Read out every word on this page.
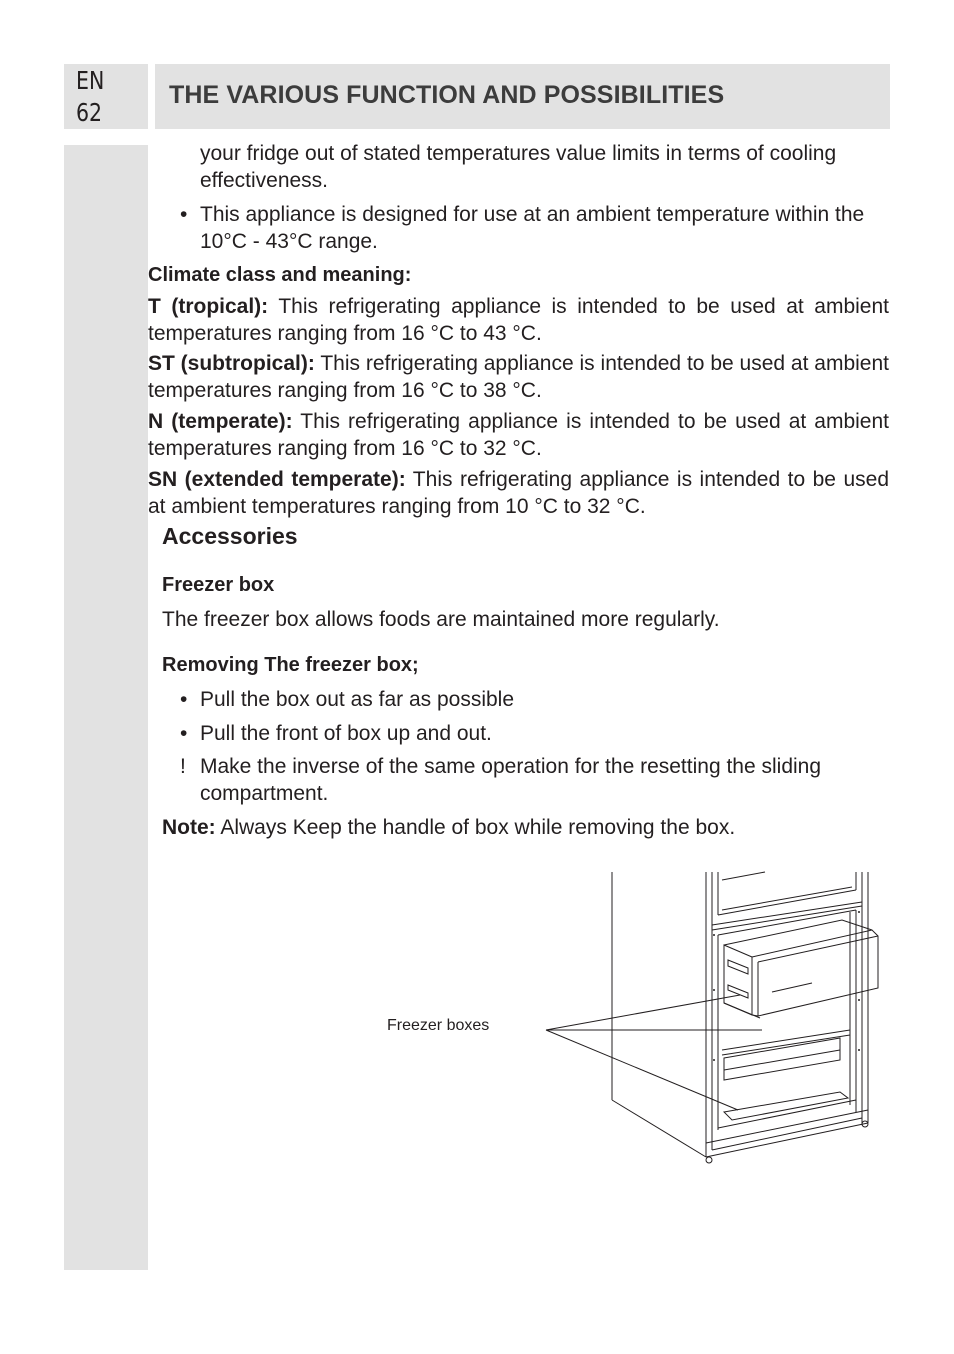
EN
62
THE VARIOUS FUNCTION AND POSSIBILITIES
your fridge out of stated temperatures value limits in terms of cooling effectiveness.
• This appliance is designed for use at an ambient temperature within the 10°C - 43°C range.
Climate class and meaning:
T (tropical): This refrigerating appliance is intended to be used at ambient temperatures ranging from 16 °C to 43 °C.
ST (subtropical): This refrigerating appliance is intended to be used at ambient temperatures ranging from 16 °C to 38 °C.
N (temperate): This refrigerating appliance is intended to be used at ambient temperatures ranging from 16 °C to 32 °C.
SN (extended temperate): This refrigerating appliance is intended to be used at ambient temperatures ranging from 10 °C to 32 °C.
Accessories
Freezer box
The freezer box allows foods are maintained more regularly.
Removing The freezer box;
• Pull the box out as far as possible
• Pull the front of box up and out.
! Make the inverse of the same operation for the resetting the sliding compartment.
Note: Always Keep the handle of box while removing the box.
Freezer boxes
